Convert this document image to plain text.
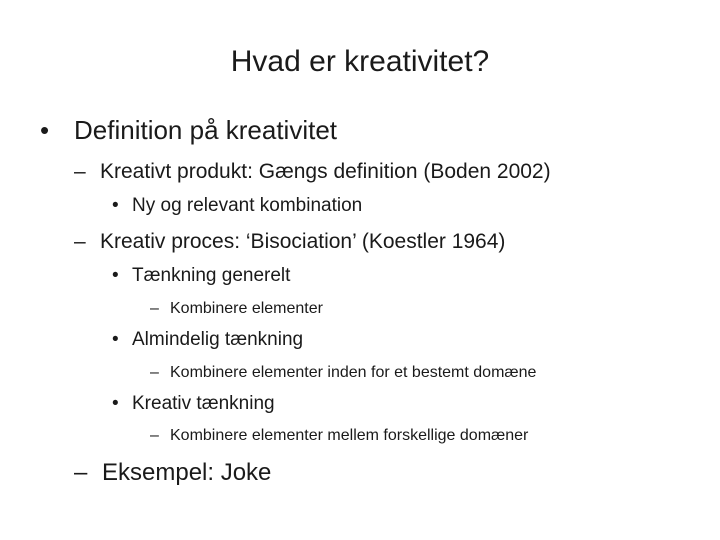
Hvad er kreativitet?
• Definition på kreativitet
– Kreativt produkt: Gængs definition (Boden 2002)
• Ny og relevant kombination
– Kreativ proces: ‘Bisociation’ (Koestler 1964)
• Tænkning generelt
– Kombinere elementer
• Almindelig tænkning
– Kombinere elementer inden for et bestemt domæne
• Kreativ tænkning
– Kombinere elementer mellem forskellige domæner
– Eksempel: Joke
